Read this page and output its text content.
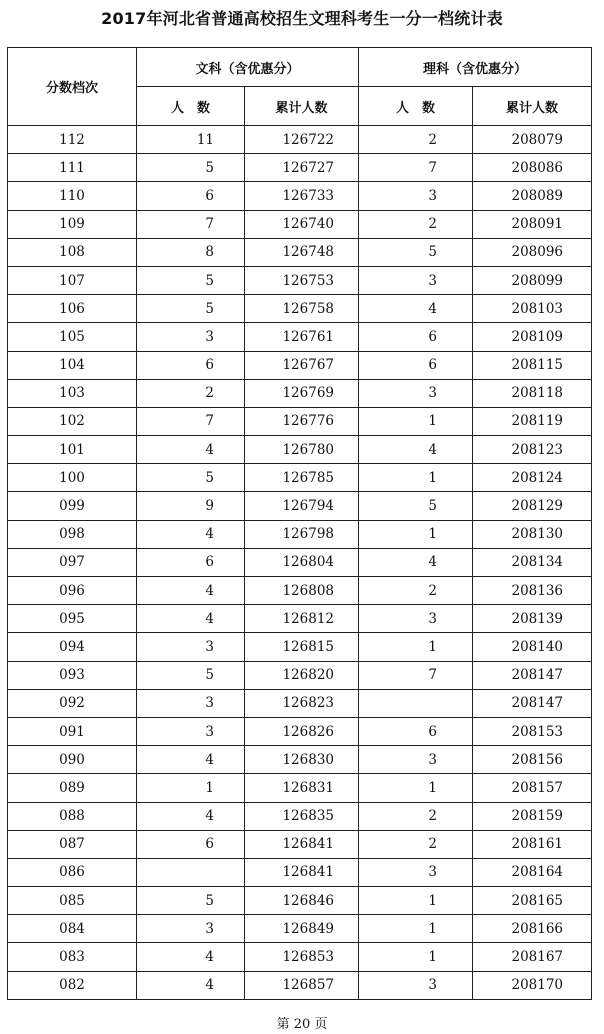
2017年河北省普通高校招生文理科考生一分一档统计表
分数档次	文科（含优惠分）		理科（含优惠分）	
	人　数	累计人数	人　数	累计人数
112	11	126722	2	208079
111	5	126727	7	208086
110	6	126733	3	208089
109	7	126740	2	208091
108	8	126748	5	208096
107	5	126753	3	208099
106	5	126758	4	208103
105	3	126761	6	208109
104	6	126767	6	208115
103	2	126769	3	208118
102	7	126776	1	208119
101	4	126780	4	208123
100	5	126785	1	208124
099	9	126794	5	208129
098	4	126798	1	208130
097	6	126804	4	208134
096	4	126808	2	208136
095	4	126812	3	208139
094	3	126815	1	208140
093	5	126820	7	208147
092	3	126823		208147
091	3	126826	6	208153
090	4	126830	3	208156
089	1	126831	1	208157
088	4	126835	2	208159
087	6	126841	2	208161
086		126841	3	208164
085	5	126846	1	208165
084	3	126849	1	208166
083	4	126853	1	208167
082	4	126857	3	208170
第 20 页
